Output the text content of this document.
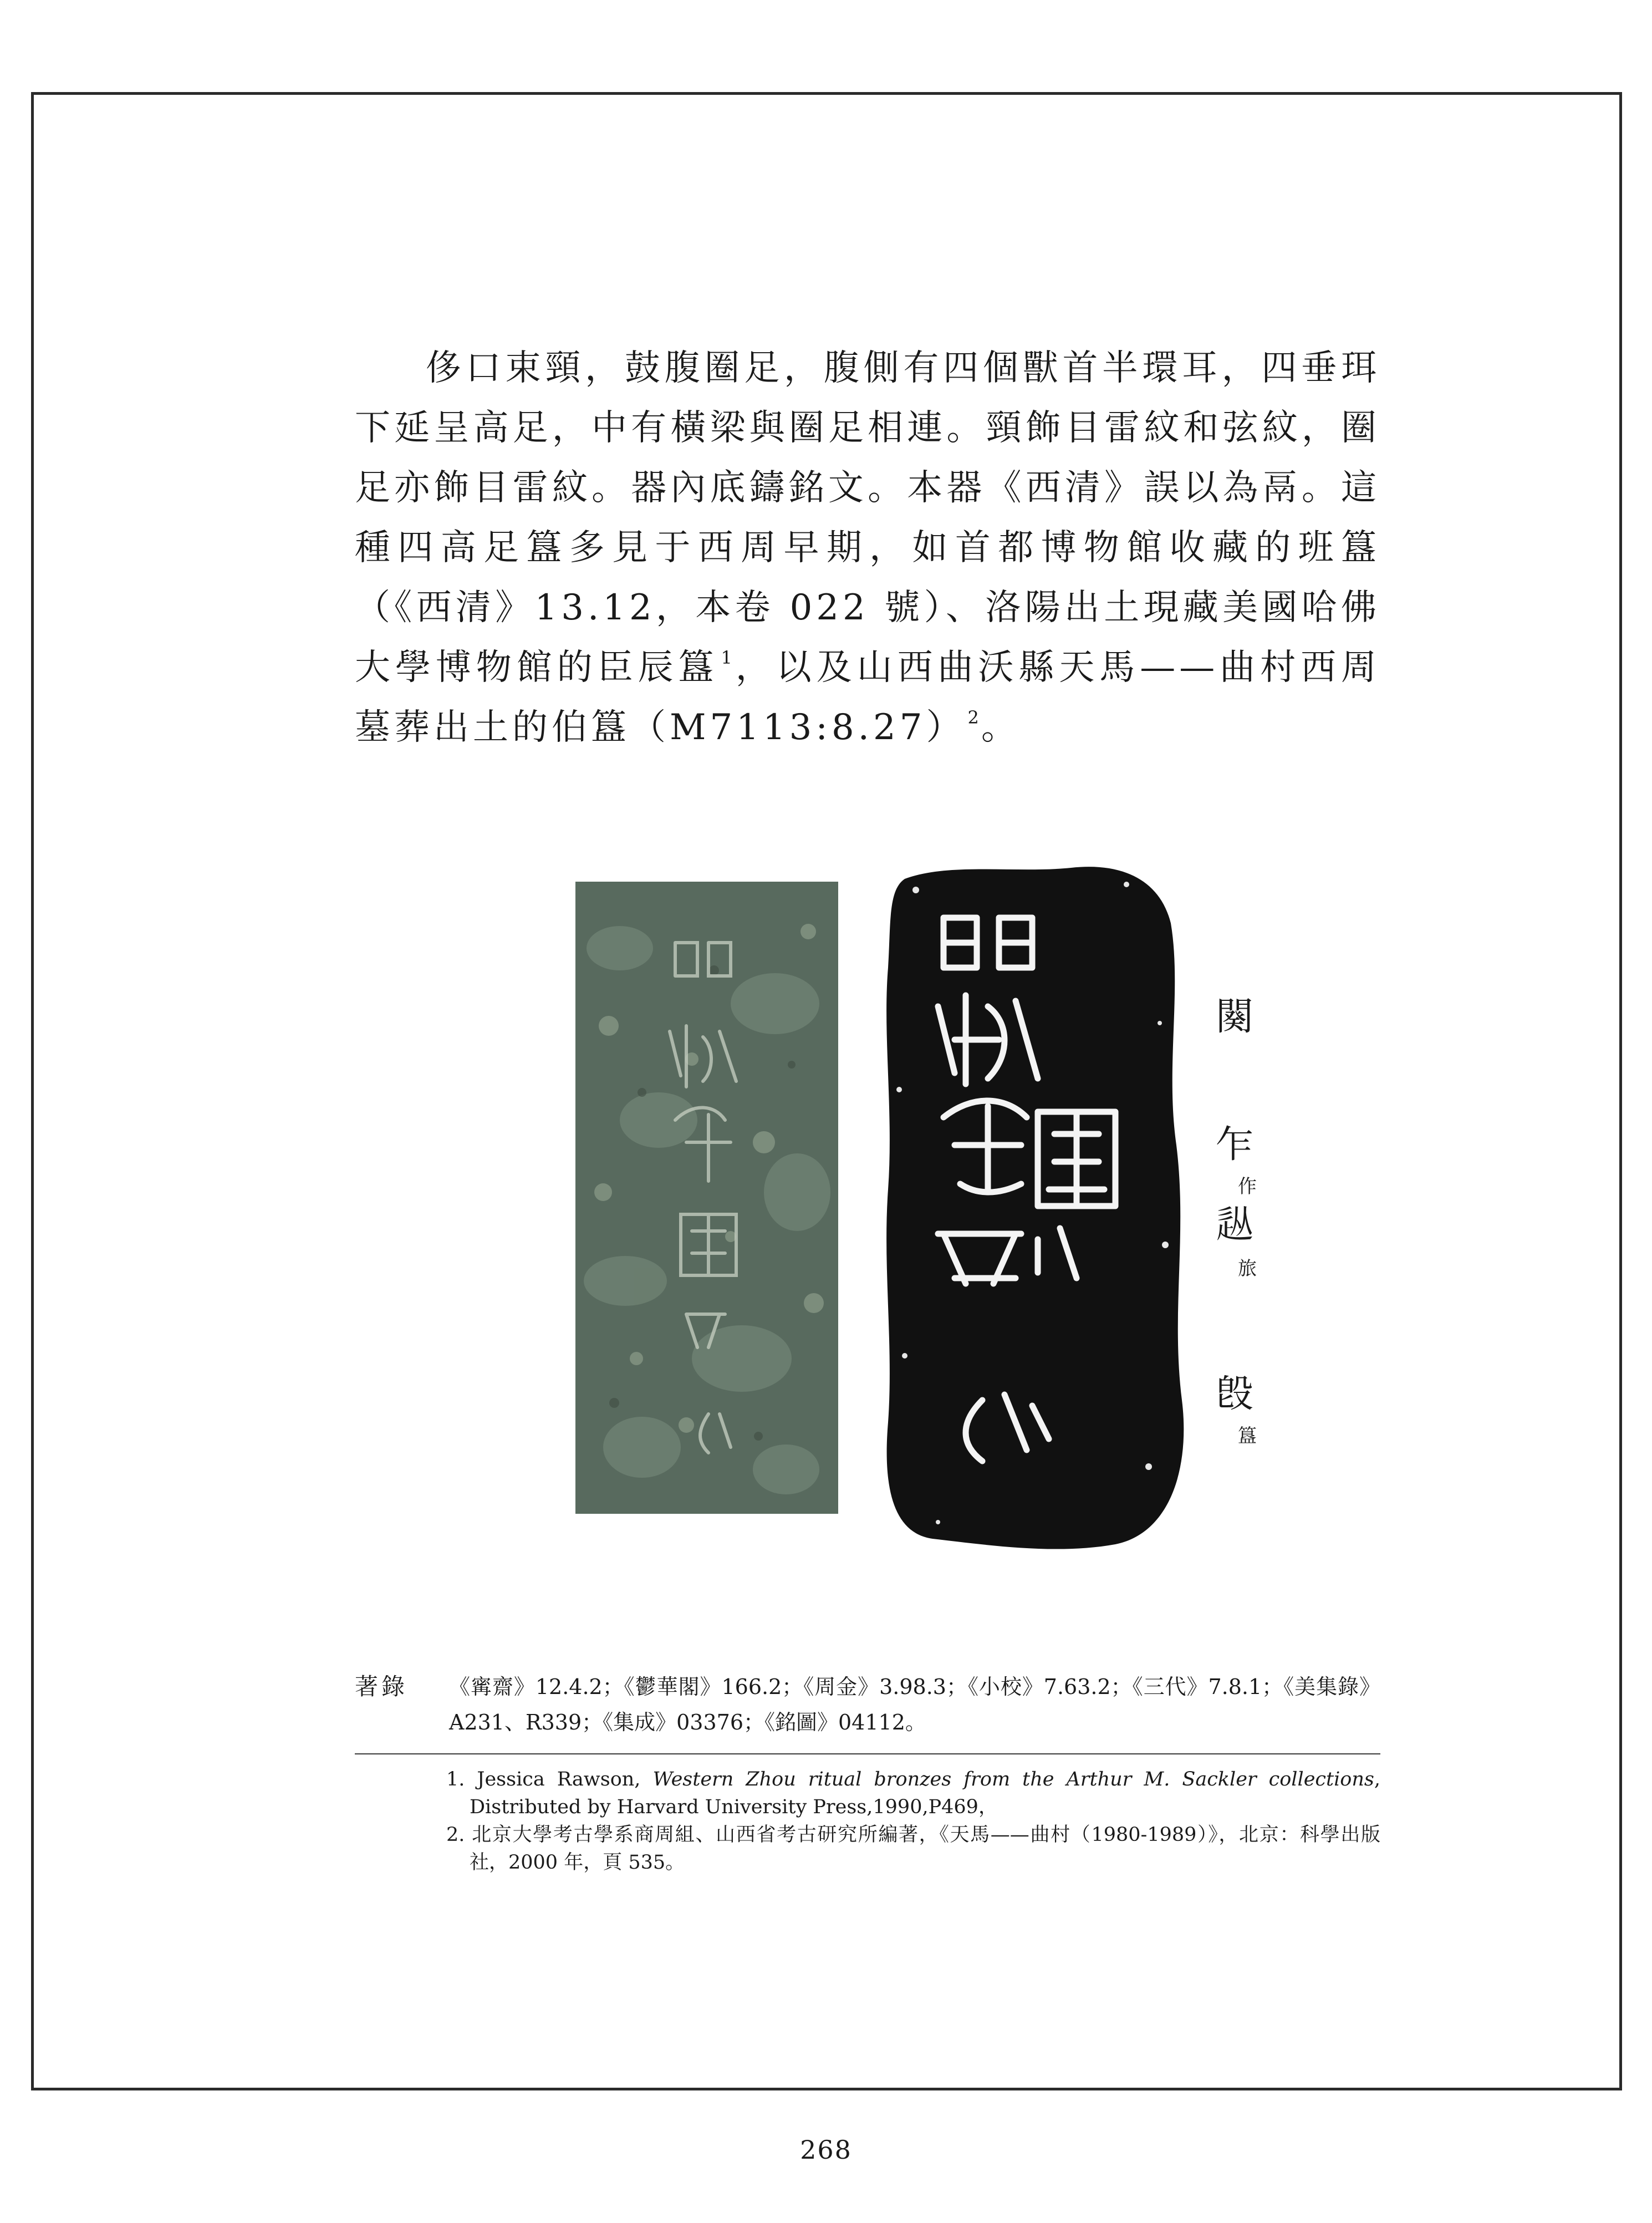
侈口束頸，鼓腹圈足，腹側有四個獸首半環耳，四垂珥下延呈高足，中有橫梁與圈足相連。頸飾目雷紋和弦紋，圈足亦飾目雷紋。器內底鑄銘文。本器《西清》誤以為鬲。這種四高足簋多見于西周早期，如首都博物館收藏的班簋（《西清》13.12，本卷 022 號）、洛陽出土現藏美國哈佛大學博物館的臣辰簋 $^1$，以及山西曲沃縣天馬——曲村西周墓葬出土的伯簋（M7113:8.27） $^2$。

闋
乍
作
𨑢
旅
𣪘
簋
著錄 《寗齋》12.4.2；《鬱華閣》166.2；《周金》3.98.3；《小校》7.63.2；《三代》7.8.1；《美集錄》A231、R339；《集成》03376；《銘圖》04112。

1. Jessica Rawson, Western Zhou ritual bronzes from the Arthur M. Sackler collections, Distributed by Harvard University Press,1990,P469，
2. 北京大學考古學系商周組、山西省考古研究所編著，《天馬——曲村（1980-1989）》，北京：科學出版社，2000 年，頁 535。
268
